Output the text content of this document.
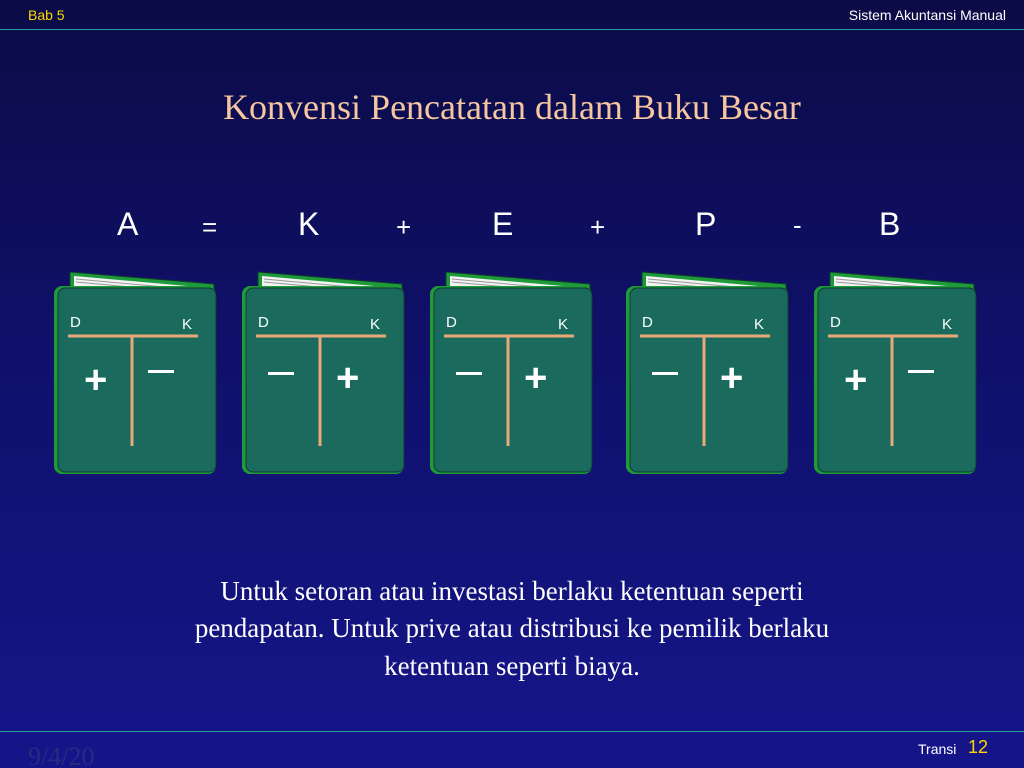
Bab 5	Sistem Akuntansi Manual
Konvensi Pencatatan dalam Buku Besar
A =	K	+	E	+	P	- B
D	K
+
D	K
+
D	K
+
D	K
+
D	K
+
Untuk setoran atau investasi berlaku ketentuan seperti
pendapatan. Untuk prive atau distribusi ke pemilik berlaku
ketentuan seperti biaya.
9/4/20	Transi 12
